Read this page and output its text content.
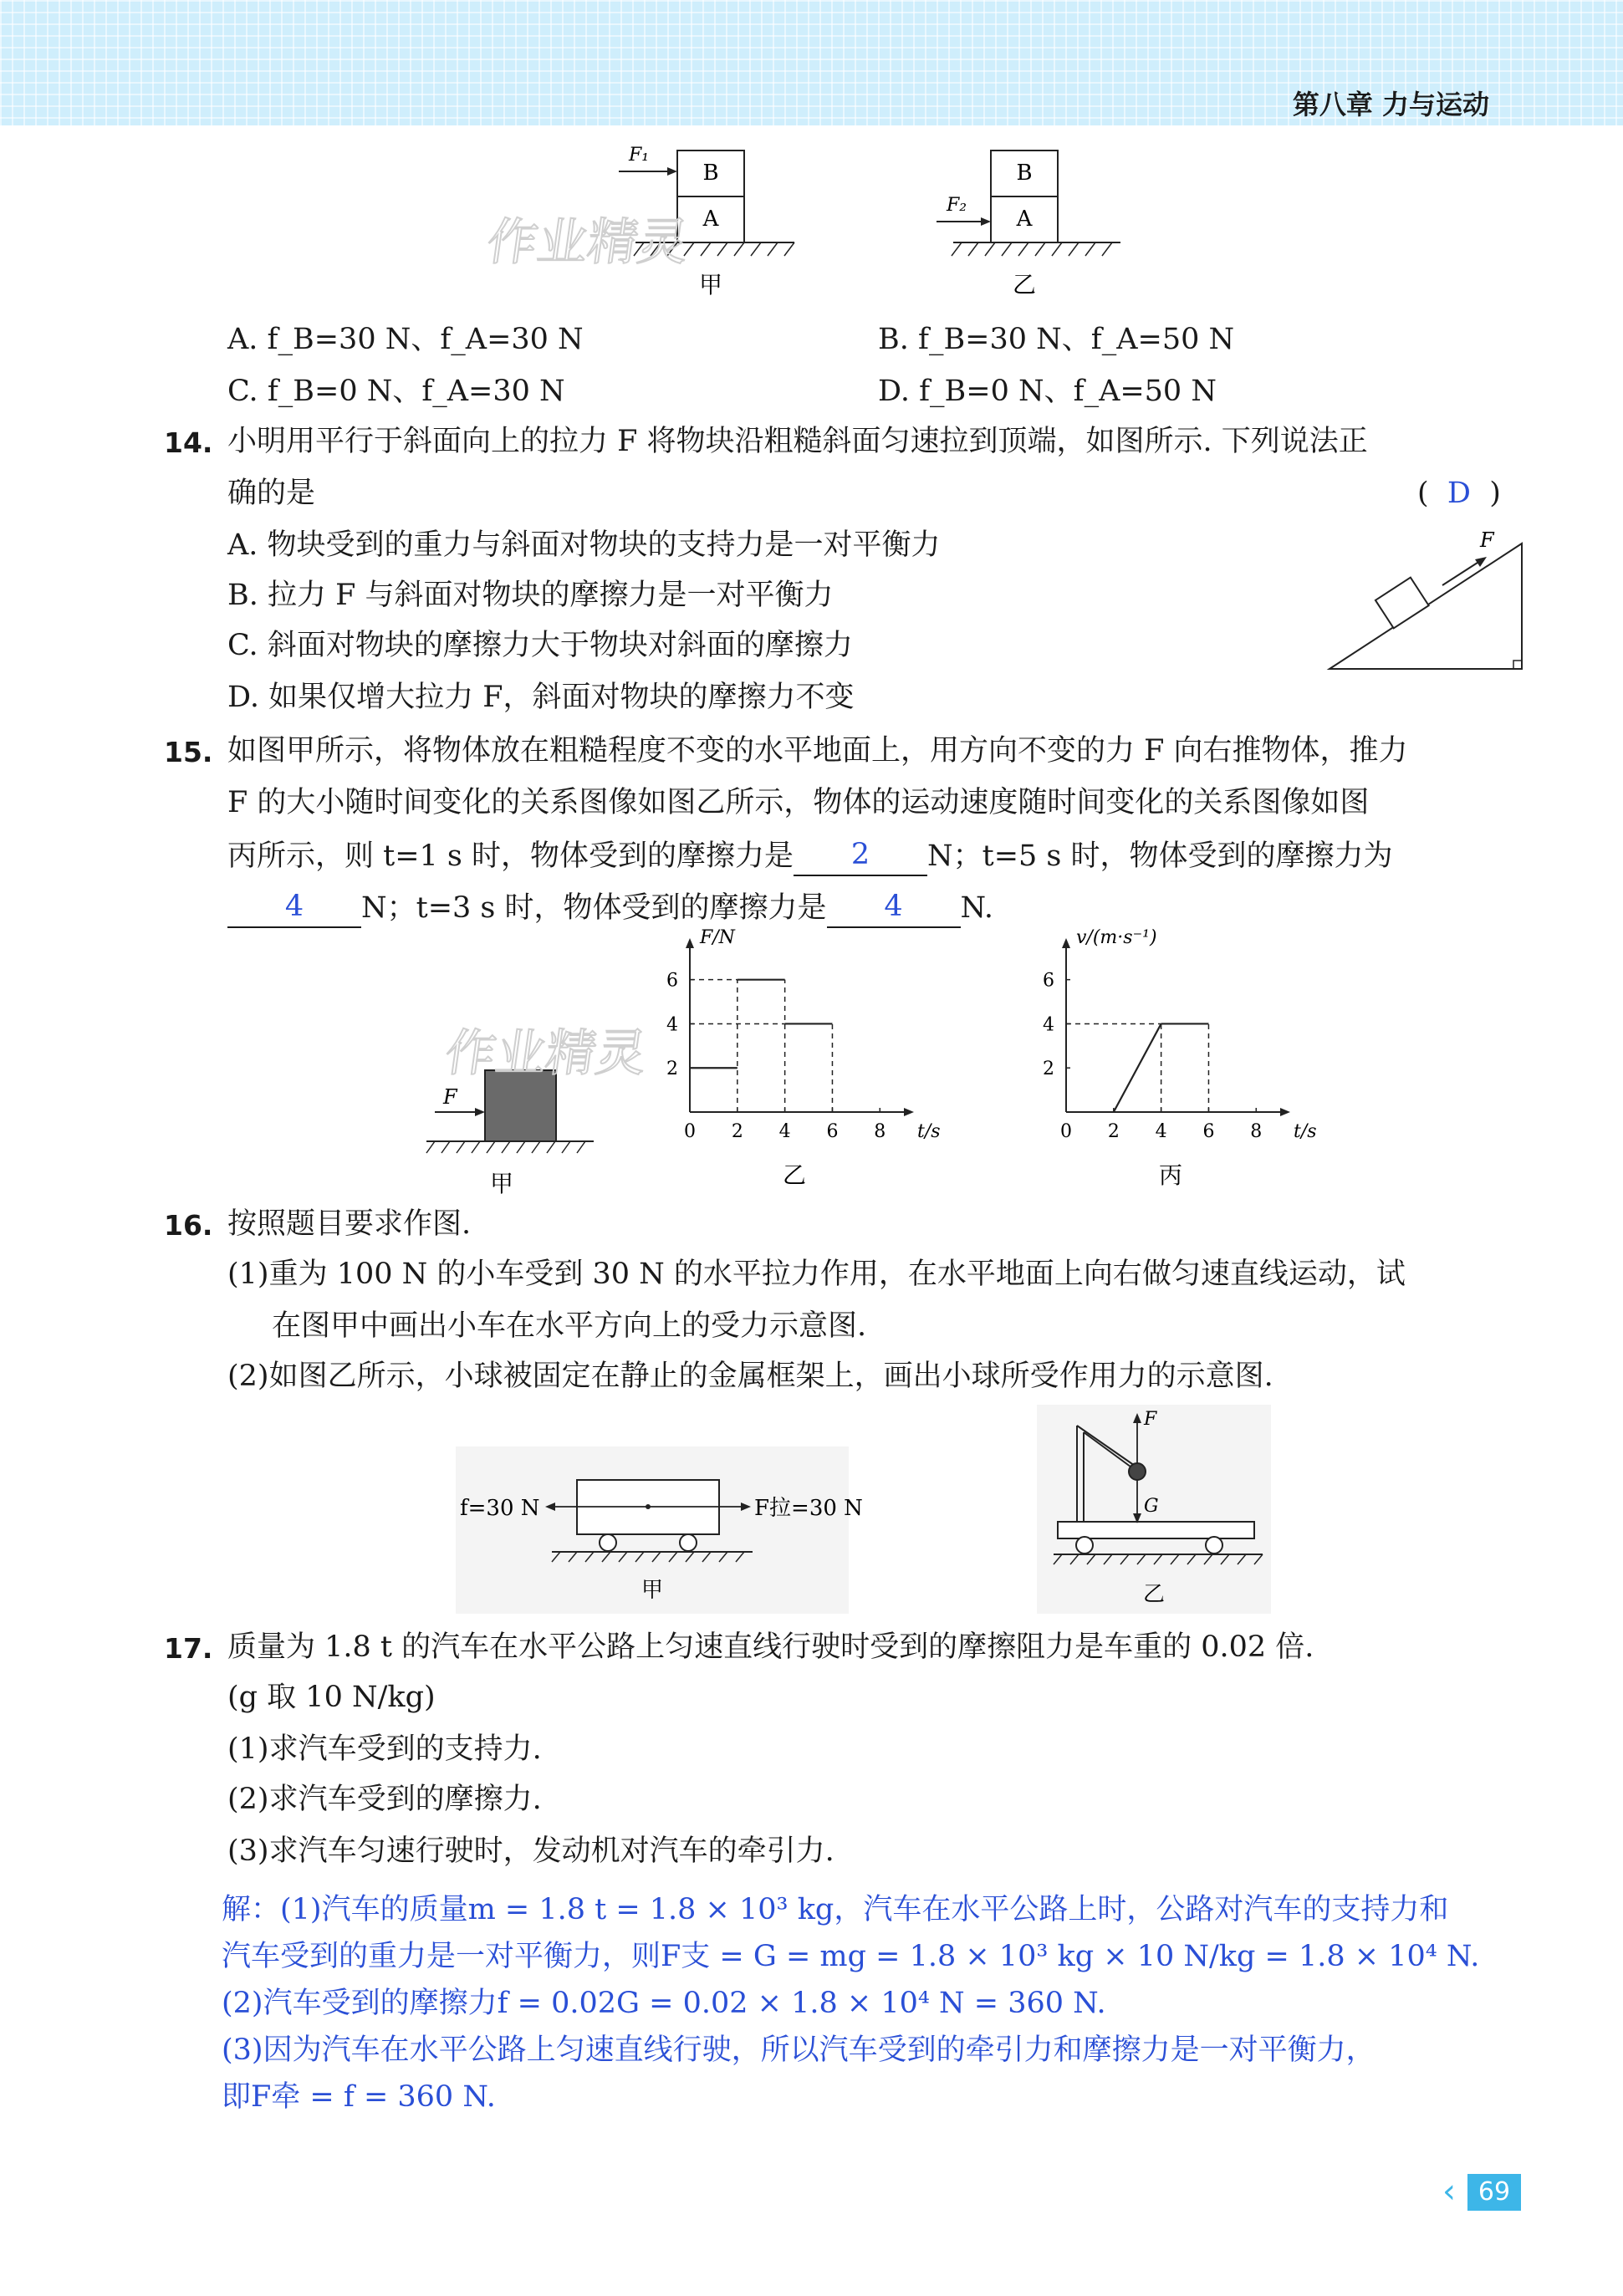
第八章 力与运动
B
A
F₁
甲
B
A
F₂
乙
作业精灵
A. f_B=30 N、f_A=30 N	B. f_B=30 N、f_A=50 N
C. f_B=0 N、f_A=30 N	D. f_B=0 N、f_A=50 N
14. 小明用平行于斜面向上的拉力 F 将物块沿粗糙斜面匀速拉到顶端，如图所示. 下列说法正
确的是	(  D  )
A. 物块受到的重力与斜面对物块的支持力是一对平衡力
B. 拉力 F 与斜面对物块的摩擦力是一对平衡力
C. 斜面对物块的摩擦力大于物块对斜面的摩擦力
D. 如果仅增大拉力 F，斜面对物块的摩擦力不变
F
15. 如图甲所示，将物体放在粗糙程度不变的水平地面上，用方向不变的力 F 向右推物体，推力
F 的大小随时间变化的关系图像如图乙所示，物体的运动速度随时间变化的关系图像如图
丙所示，则 t=1 s 时，物体受到的摩擦力是 2 N；t=5 s 时，物体受到的摩擦力为
4 N；t=3 s 时，物体受到的摩擦力是 4 N.
F
甲
作业精灵
0 2 4 6 8
2
4
6
t/s
F/N
乙
0 2 4 6 8
2
4
6
t/s
v/(m·s⁻¹)
丙
16. 按照题目要求作图.
(1)重为 100 N 的小车受到 30 N 的水平拉力作用，在水平地面上向右做匀速直线运动，试
在图甲中画出小车在水平方向上的受力示意图.
(2)如图乙所示，小球被固定在静止的金属框架上，画出小球所受作用力的示意图.
f=30 N	F拉=30 N
甲
F
G
乙
17. 质量为 1.8 t 的汽车在水平公路上匀速直线行驶时受到的摩擦阻力是车重的 0.02 倍.
(g 取 10 N/kg)
(1)求汽车受到的支持力.
(2)求汽车受到的摩擦力.
(3)求汽车匀速行驶时，发动机对汽车的牵引力.
解：(1)汽车的质量m = 1.8 t = 1.8 × 10³ kg，汽车在水平公路上时，公路对汽车的支持力和
汽车受到的重力是一对平衡力，则F支 = G = mg = 1.8 × 10³ kg × 10 N/kg = 1.8 × 10⁴ N.
(2)汽车受到的摩擦力f = 0.02G = 0.02 × 1.8 × 10⁴ N = 360 N.
(3)因为汽车在水平公路上匀速直线行驶，所以汽车受到的牵引力和摩擦力是一对平衡力，
即F牵 = f = 360 N.
‹ 69
